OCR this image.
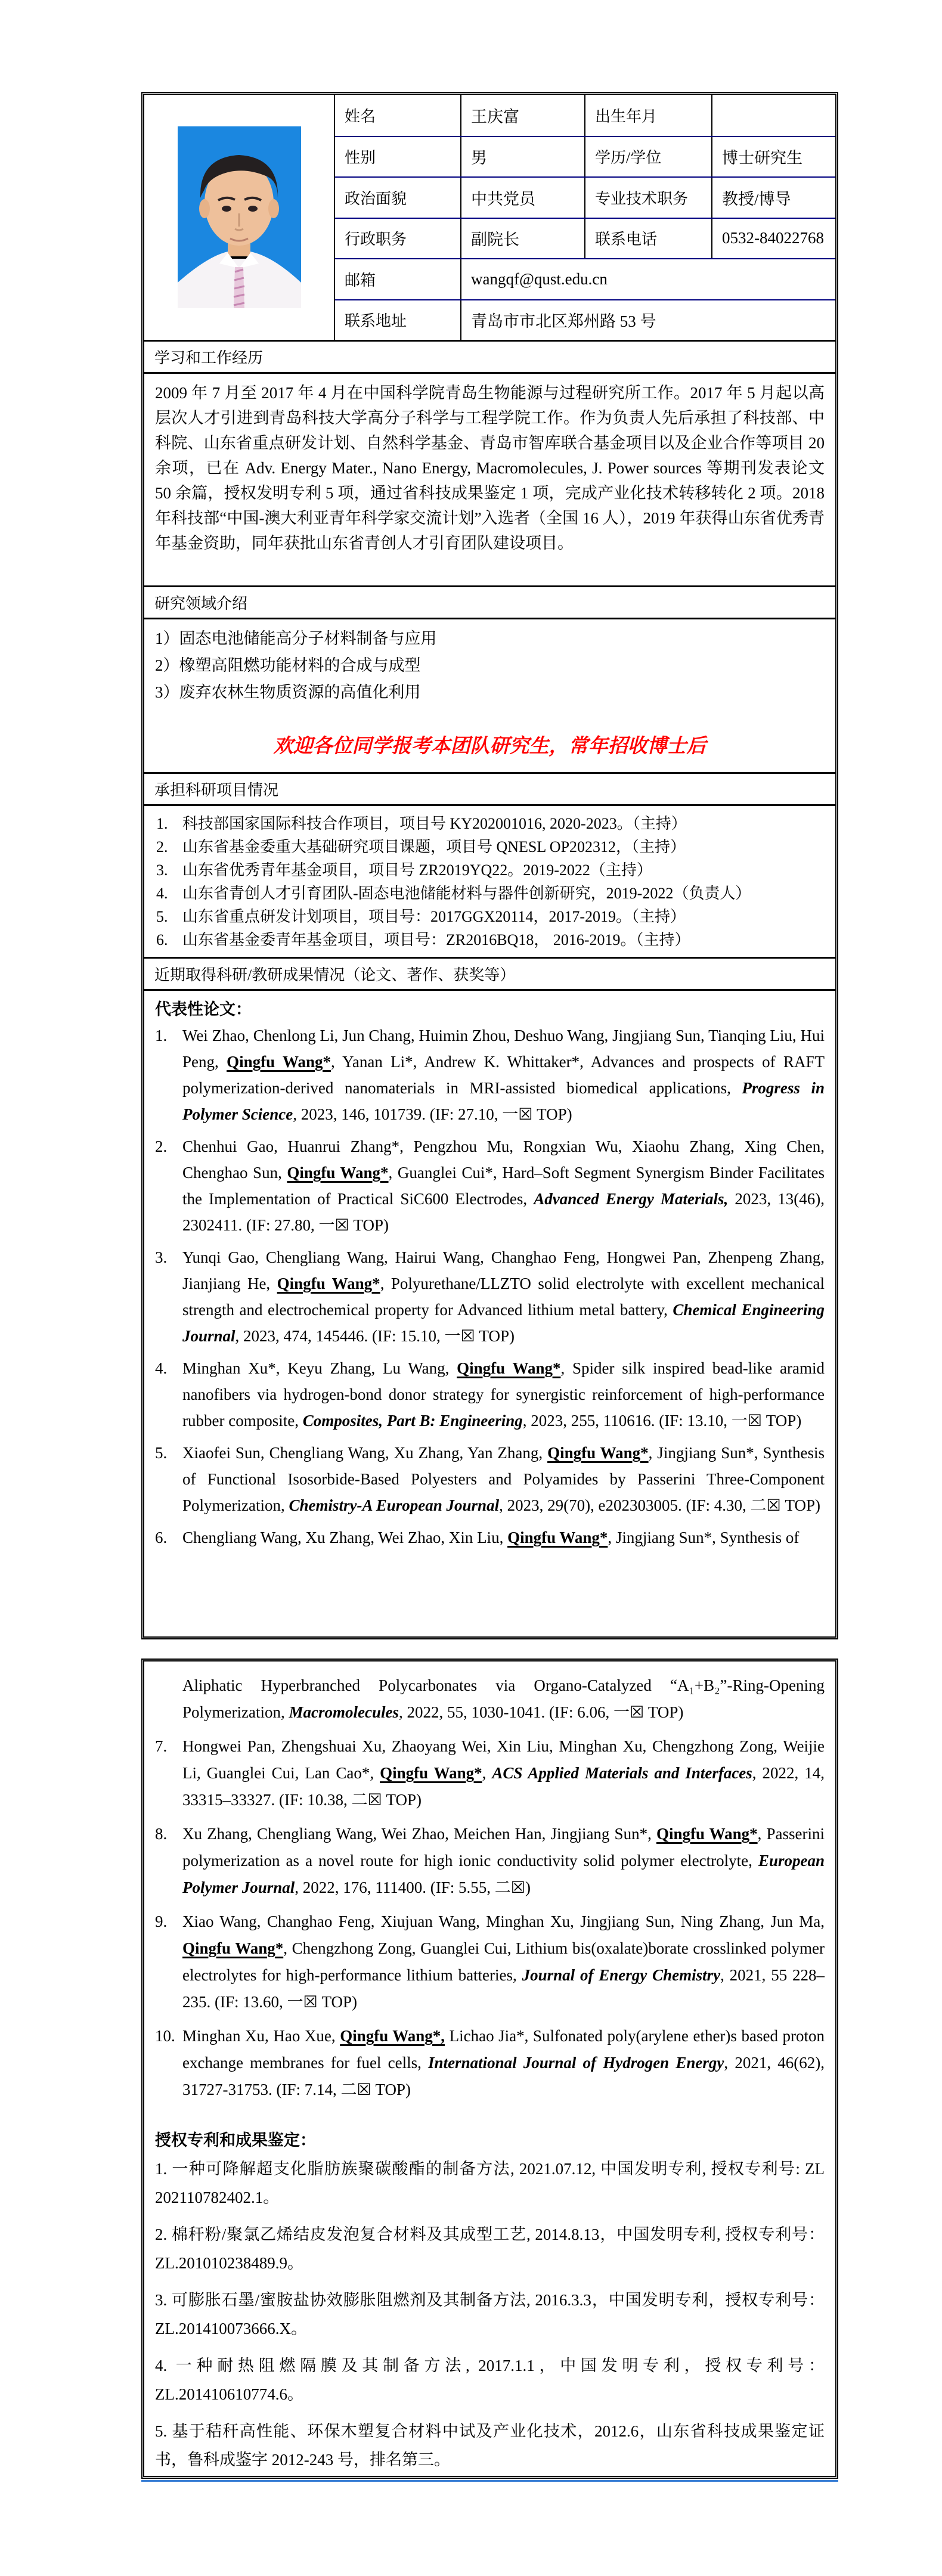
姓名	王庆富	出生年月
性别	男	学历/学位	博士研究生
政治面貌	中共党员	专业技术职务	教授/博导
行政职务	副院长	联系电话	0532-84022768
邮箱	wangqf@qust.edu.cn
联系地址	青岛市市北区郑州路 53 号
学习和工作经历
2009 年 7 月至 2017 年 4 月在中国科学院青岛生物能源与过程研究所工作。2017 年 5 月起以高层次人才引进到青岛科技大学高分子科学与工程学院工作。作为负责人先后承担了科技部、中科院、山东省重点研发计划、自然科学基金、青岛市智库联合基金项目以及企业合作等项目 20 余项，已在 Adv. Energy Mater., Nano Energy, Macromolecules, J. Power sources 等期刊发表论文 50 余篇，授权发明专利 5 项，通过省科技成果鉴定 1 项，完成产业化技术转移转化 2 项。2018 年科技部“中国-澳大利亚青年科学家交流计划”入选者（全国 16 人），2019 年获得山东省优秀青年基金资助，同年获批山东省青创人才引育团队建设项目。
研究领域介绍
1）固态电池储能高分子材料制备与应用
2）橡塑高阻燃功能材料的合成与成型
3）废弃农林生物质资源的高值化利用
欢迎各位同学报考本团队研究生，常年招收博士后
承担科研项目情况
1. 科技部国家国际科技合作项目，项目号 KY202001016, 2020-2023。（主持）
2. 山东省基金委重大基础研究项目课题，项目号 QNESL OP202312，（主持）
3. 山东省优秀青年基金项目，项目号 ZR2019YQ22。2019-2022（主持）
4. 山东省青创人才引育团队-固态电池储能材料与器件创新研究，2019-2022（负责人）
5. 山东省重点研发计划项目，项目号：2017GGX20114，2017-2019。（主持）
6. 山东省基金委青年基金项目，项目号：ZR2016BQ18， 2016-2019。（主持）
近期取得科研/教研成果情况（论文、著作、获奖等）
代表性论文：
1. Wei Zhao, Chenlong Li, Jun Chang, Huimin Zhou, Deshuo Wang, Jingjiang Sun, Tianqing Liu, Hui Peng, Qingfu Wang*, Yanan Li*, Andrew K. Whittaker*, Advances and prospects of RAFT polymerization-derived nanomaterials in MRI-assisted biomedical applications, Progress in Polymer Science, 2023, 146, 101739. (IF: 27.10, 一☒ TOP)
2. Chenhui Gao, Huanrui Zhang*, Pengzhou Mu, Rongxian Wu, Xiaohu Zhang, Xing Chen, Chenghao Sun, Qingfu Wang*, Guanglei Cui*, Hard–Soft Segment Synergism Binder Facilitates the Implementation of Practical SiC600 Electrodes, Advanced Energy Materials, 2023, 13(46), 2302411. (IF: 27.80, 一☒ TOP)
3. Yunqi Gao, Chengliang Wang, Hairui Wang, Changhao Feng, Hongwei Pan, Zhenpeng Zhang, Jianjiang He, Qingfu Wang*, Polyurethane/LLZTO solid electrolyte with excellent mechanical strength and electrochemical property for Advanced lithium metal battery, Chemical Engineering Journal, 2023, 474, 145446. (IF: 15.10, 一☒ TOP)
4. Minghan Xu*, Keyu Zhang, Lu Wang, Qingfu Wang*, Spider silk inspired bead-like aramid nanofibers via hydrogen-bond donor strategy for synergistic reinforcement of high-performance rubber composite, Composites, Part B: Engineering, 2023, 255, 110616. (IF: 13.10, 一☒ TOP)
5. Xiaofei Sun, Chengliang Wang, Xu Zhang, Yan Zhang, Qingfu Wang*, Jingjiang Sun*, Synthesis of Functional Isosorbide-Based Polyesters and Polyamides by Passerini Three-Component Polymerization, Chemistry-A European Journal, 2023, 29(70), e202303005. (IF: 4.30, 二☒ TOP)
6. Chengliang Wang, Xu Zhang, Wei Zhao, Xin Liu, Qingfu Wang*, Jingjiang Sun*, Synthesis of
Aliphatic Hyperbranched Polycarbonates via Organo-Catalyzed “A₁+B₂”-Ring-Opening Polymerization, Macromolecules, 2022, 55, 1030-1041. (IF: 6.06, 一☒ TOP)
7. Hongwei Pan, Zhengshuai Xu, Zhaoyang Wei, Xin Liu, Minghan Xu, Chengzhong Zong, Weijie Li, Guanglei Cui, Lan Cao*, Qingfu Wang*, ACS Applied Materials and Interfaces, 2022, 14, 33315–33327. (IF: 10.38, 二☒ TOP)
8. Xu Zhang, Chengliang Wang, Wei Zhao, Meichen Han, Jingjiang Sun*, Qingfu Wang*, Passerini polymerization as a novel route for high ionic conductivity solid polymer electrolyte, European Polymer Journal, 2022, 176, 111400. (IF: 5.55, 二☒)
9. Xiao Wang, Changhao Feng, Xiujuan Wang, Minghan Xu, Jingjiang Sun, Ning Zhang, Jun Ma, Qingfu Wang*, Chengzhong Zong, Guanglei Cui, Lithium bis(oxalate)borate crosslinked polymer electrolytes for high-performance lithium batteries, Journal of Energy Chemistry, 2021, 55 228–235. (IF: 13.60, 一☒ TOP)
10. Minghan Xu, Hao Xue, Qingfu Wang*, Lichao Jia*, Sulfonated poly(arylene ether)s based proton exchange membranes for fuel cells, International Journal of Hydrogen Energy, 2021, 46(62), 31727-31753. (IF: 7.14, 二☒ TOP)
授权专利和成果鉴定：
1. 一种可降解超支化脂肪族聚碳酸酯的制备方法, 2021.07.12, 中国发明专利, 授权专利号: ZL 202110782402.1。
2. 棉秆粉/聚氯乙烯结皮发泡复合材料及其成型工艺, 2014.8.13，中国发明专利, 授权专利号：ZL.201010238489.9。
3. 可膨胀石墨/蜜胺盐协效膨胀阻燃剂及其制备方法, 2016.3.3，中国发明专利，授权专利号：ZL.201410073666.X。
4. 一种耐热阻燃隔膜及其制备方法, 2017.1.1，中国发明专利，授权专利号：ZL.201410610774.6。
5. 基于秸秆高性能、环保木塑复合材料中试及产业化技术，2012.6，山东省科技成果鉴定证书，鲁科成鉴字 2012-243 号，排名第三。
